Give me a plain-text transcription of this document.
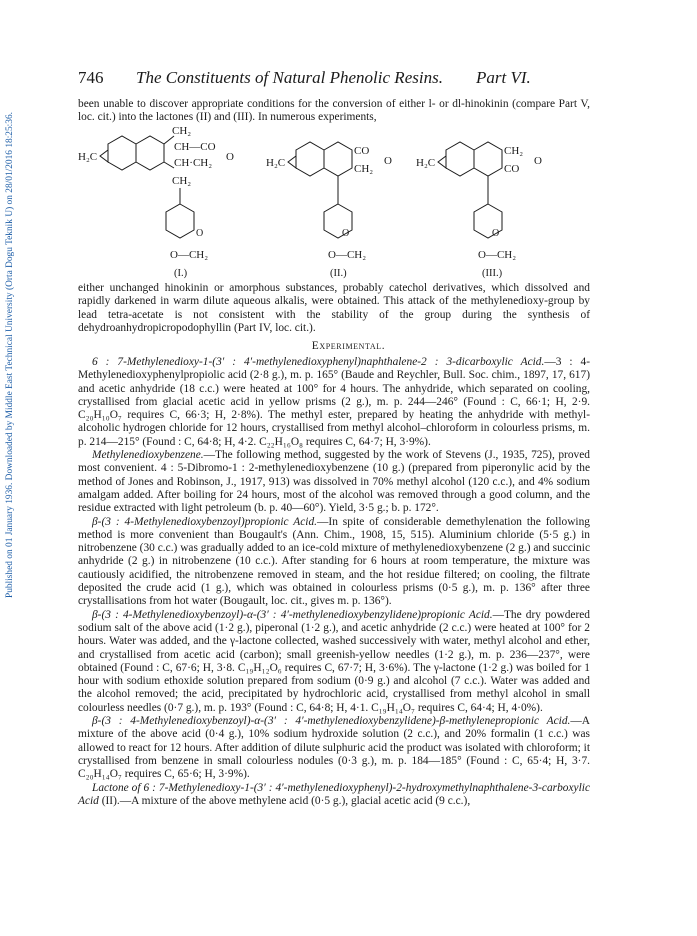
Published on 01 January 1936. Downloaded by Middle East Technical University (Orta Dogu Teknik U) on 28/01/2016 18:25:36.
746 The Constituents of Natural Phenolic Resins. Part VI.

been unable to discover appropriate conditions for the conversion of either l- or dl-hinokinin (compare Part V, loc. cit.) into the lactones (II) and (III). In numerous experiments,

H₂C
CH₂
CH—CO
CH·CH₂ O
CH₂
O
O—CH₂
H₂C
CO
CH₂
O
O
O—CH₂
H₂C
CH₂
CO
O
O
O—CH₂
(I.)	(II.)	(III.)

either unchanged hinokinin or amorphous substances, probably catechol derivatives, which dissolved and rapidly darkened in warm dilute aqueous alkalis, were obtained. This attack of the methylenedioxy-group by lead tetra-acetate is not consistent with the stability of the group during the synthesis of dehydroanhydropicropodophyllin (Part IV, loc. cit.).

Experimental.

6 : 7-Methylenedioxy-1-(3′ : 4′-methylenedioxyphenyl)naphthalene-2 : 3-dicarboxylic Acid.—3 : 4-Methylenedioxyphenylpropiolic acid (2·8 g.), m. p. 165° (Baude and Reychler, Bull. Soc. chim., 1897, 17, 617) and acetic anhydride (18 c.c.) were heated at 100° for 4 hours. The anhydride, which separated on cooling, crystallised from glacial acetic acid in yellow prisms (2 g.), m. p. 244—246° (Found : C, 66·1; H, 2·9. C₂₀H₁₀O₇ requires C, 66·3; H, 2·8%). The methyl ester, prepared by heating the anhydride with methyl-alcoholic hydrogen chloride for 12 hours, crystallised from methyl alcohol–chloroform in colourless prisms, m. p. 214—215° (Found : C, 64·8; H, 4·2. C₂₂H₁₆O₈ requires C, 64·7; H, 3·9%).

Methylenedioxybenzene.—The following method, suggested by the work of Stevens (J., 1935, 725), proved most convenient. 4 : 5-Dibromo-1 : 2-methylenedioxybenzene (10 g.) (prepared from piperonylic acid by the method of Jones and Robinson, J., 1917, 913) was dissolved in 70% methyl alcohol (120 c.c.), and 4% sodium amalgam added. After boiling for 24 hours, most of the alcohol was removed through a good column, and the residue extracted with light petroleum (b. p. 40—60°). Yield, 3·5 g.; b. p. 172°.

β-(3 : 4-Methylenedioxybenzoyl)propionic Acid.—In spite of considerable demethylenation the following method is more convenient than Bougault's (Ann. Chim., 1908, 15, 515). Aluminium chloride (5·5 g.) in nitrobenzene (30 c.c.) was gradually added to an ice-cold mixture of methylenedioxybenzene (2 g.) and succinic anhydride (2 g.) in nitrobenzene (10 c.c.). After standing for 6 hours at room temperature, the mixture was cautiously acidified, the nitrobenzene removed in steam, and the hot residue filtered; on cooling, the filtrate deposited the crude acid (1 g.), which was obtained in colourless prisms (0·5 g.), m. p. 136° after three crystallisations from hot water (Bougault, loc. cit., gives m. p. 136°).

β-(3 : 4-Methylenedioxybenzoyl)-α-(3′ : 4′-methylenedioxybenzylidene)propionic Acid.—The dry powdered sodium salt of the above acid (1·2 g.), piperonal (1·2 g.), and acetic anhydride (2 c.c.) were heated at 100° for 2 hours. Water was added, and the γ-lactone collected, washed successively with water, methyl alcohol and ether, and crystallised from acetic acid (carbon); small greenish-yellow needles (1·2 g.), m. p. 236—237°, were obtained (Found : C, 67·6; H, 3·8. C₁₉H₁₂O₆ requires C, 67·7; H, 3·6%). The γ-lactone (1·2 g.) was boiled for 1 hour with sodium ethoxide solution prepared from sodium (0·9 g.) and alcohol (7 c.c.). Water was added and the alcohol removed; the acid, precipitated by hydrochloric acid, crystallised from methyl alcohol in small colourless needles (0·7 g.), m. p. 193° (Found : C, 64·8; H, 4·1. C₁₉H₁₄O₇ requires C, 64·4; H, 4·0%).

β-(3 : 4-Methylenedioxybenzoyl)-α-(3′ : 4′-methylenedioxybenzylidene)-β-methylenepropionic Acid.—A mixture of the above acid (0·4 g.), 10% sodium hydroxide solution (2 c.c.), and 20% formalin (1 c.c.) was allowed to react for 12 hours. After addition of dilute sulphuric acid the product was isolated with chloroform; it crystallised from benzene in small colourless nodules (0·3 g.), m. p. 184—185° (Found : C, 65·4; H, 3·7. C₂₀H₁₄O₇ requires C, 65·6; H, 3·9%).

Lactone of 6 : 7-Methylenedioxy-1-(3′ : 4′-methylenedioxyphenyl)-2-hydroxymethylnaphthalene-3-carboxylic Acid (II).—A mixture of the above methylene acid (0·5 g.), glacial acetic acid (9 c.c.),
